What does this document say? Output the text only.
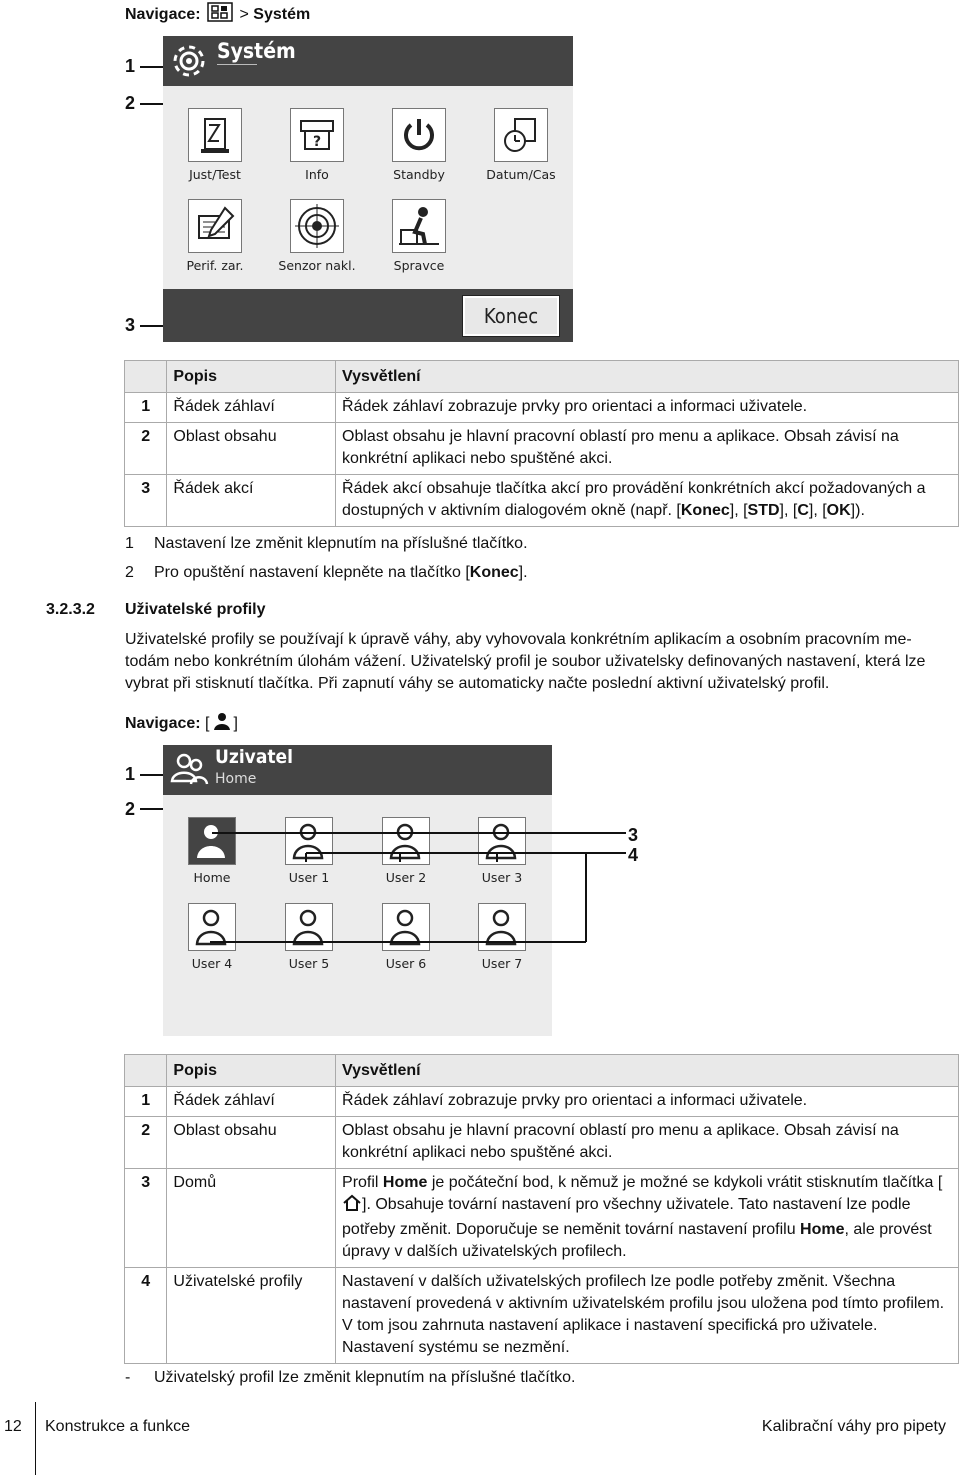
Navigace: > Systém
1
2
3
Systém
Just/Test
?
Info	Standby	Datum/Cas
Perif. zar.	Senzor nakl.	Spravce
Konec
	Popis	Vysvětlení
1	Řádek záhlaví	Řádek záhlaví zobrazuje prvky pro orientaci a informaci uživatele.
2	Oblast obsahu	Oblast obsahu je hlavní pracovní oblastí pro menu a aplikace. Obsah závisí na konkrétní aplikaci nebo spuštěné akci.
3	Řádek akcí	Řádek akcí obsahuje tlačítka akcí pro provádění konkrétních akcí požadovaných a dostupných v aktivním dialogovém okně (např. [Konec], [STD], [C], [OK]).
1 Nastavení lze změnit klepnutím na příslušné tlačítko.
2 Pro opuštění nastavení klepněte na tlačítko [Konec].
3.2.3.2 Uživatelské profily
Uživatelské profily se používají k úpravě váhy, aby vyhovovala konkrétním aplikacím a osobním pracovním me-
todám nebo konkrétním úlohám vážení. Uživatelský profil je soubor uživatelsky definovaných nastavení, která lze
vybrat při stisknutí tlačítka. Při zapnutí váhy se automaticky načte poslední aktivní uživatelský profil.
Navigace: [ ]
1
2
3
4
Uzivatel
Home
Home	User 1	User 2	User 3
User 4	User 5	User 6	User 7
	Popis	Vysvětlení
1	Řádek záhlaví	Řádek záhlaví zobrazuje prvky pro orientaci a informaci uživatele.
2	Oblast obsahu	Oblast obsahu je hlavní pracovní oblastí pro menu a aplikace. Obsah závisí na konkrétní aplikaci nebo spuštěné akci.
3	Domů	Profil Home je počáteční bod, k němuž je možné se kdykoli vrátit stisknutím tlačítka []. Obsahuje tovární nastavení pro všechny uživatele. Tato nastavení lze podle potřeby změnit. Doporučuje se neměnit tovární nastavení profilu Home, ale provést úpravy v dalších uživatelských profilech.
4	Uživatelské profily	Nastavení v dalších uživatelských profilech lze podle potřeby změnit. Všechna nastavení provedená v aktivním uživatelském profilu jsou uložena pod tímto profilem. V tom jsou zahrnuta nastavení aplikace i nastavení specifická pro uživatele. Nastavení systému se nezmění.
- Uživatelský profil lze změnit klepnutím na příslušné tlačítko.
12 Konstrukce a funkce	Kalibrační váhy pro pipety
